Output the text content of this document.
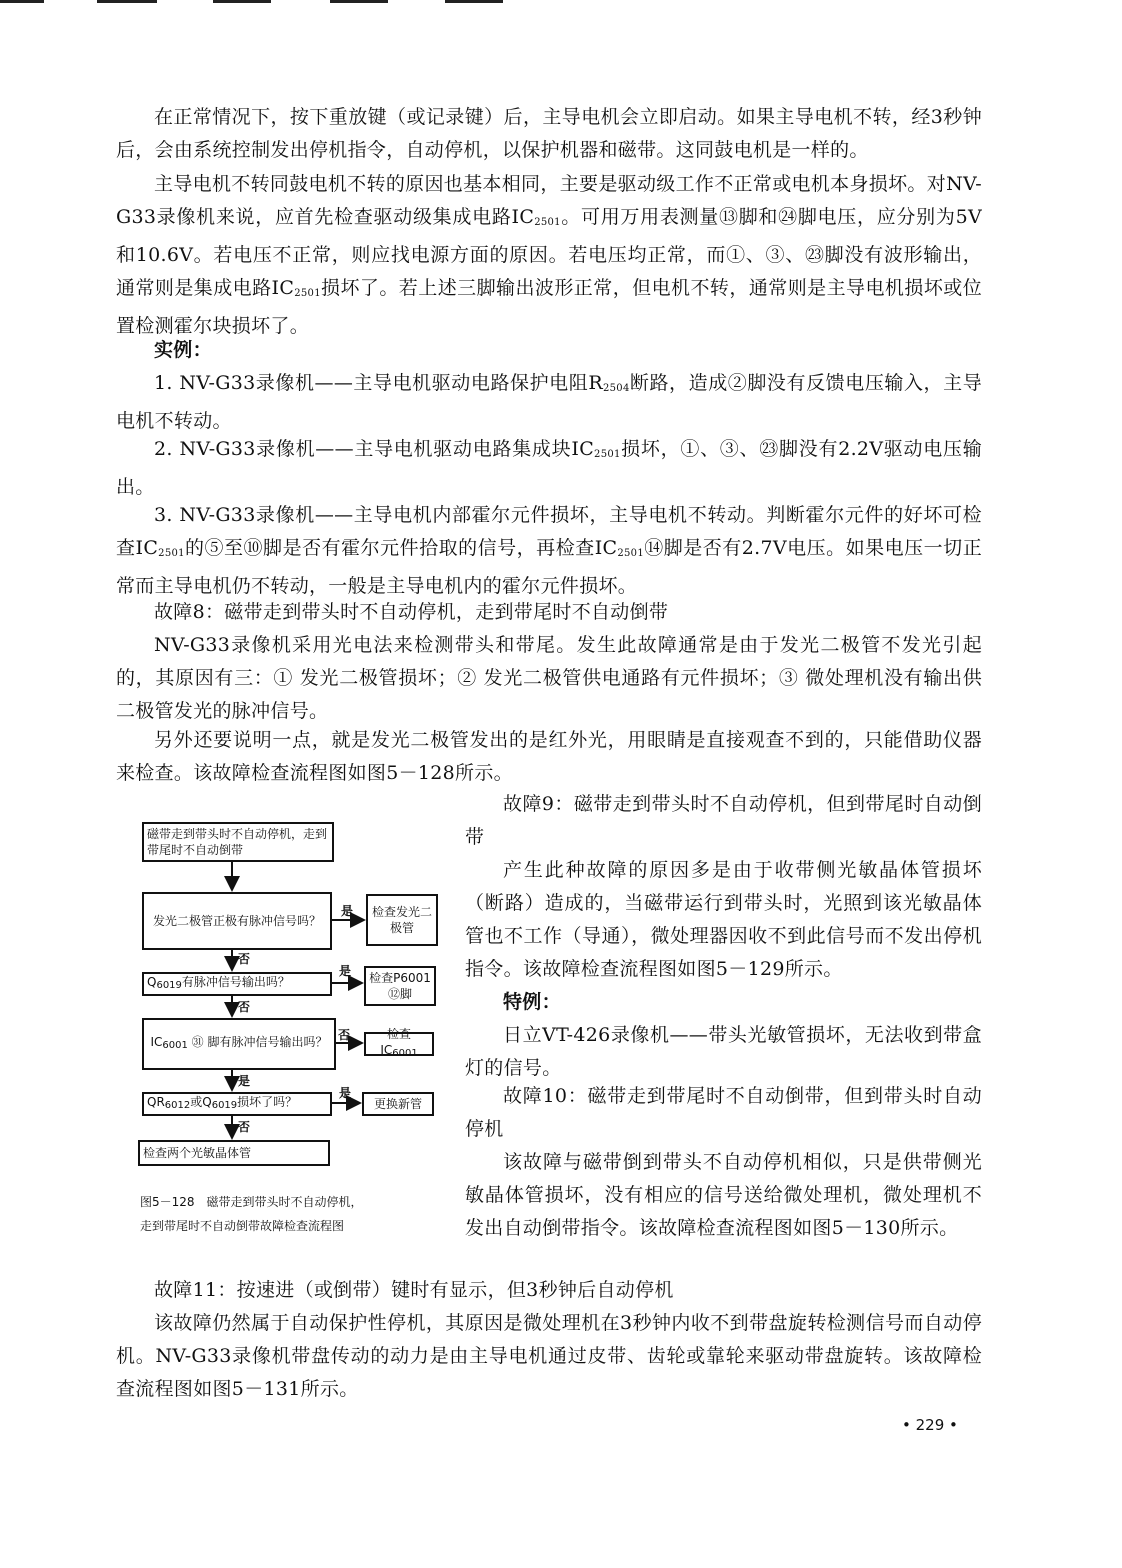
在正常情况下，按下重放键（或记录键）后，主导电机会立即启动。如果主导电机不转，经3秒钟后，会由系统控制发出停机指令，自动停机，以保护机器和磁带。这同鼓电机是一样的。

主导电机不转同鼓电机不转的原因也基本相同，主要是驱动级工作不正常或电机本身损坏。对NV-G33录像机来说，应首先检查驱动级集成电路$IC_{2501}$。可用万用表测量⑬脚和㉔脚电压，应分别为5V和10.6V。若电压不正常，则应找电源方面的原因。若电压均正常，而①、③、㉓脚没有波形输出，通常则是集成电路$IC_{2501}$损坏了。若上述三脚输出波形正常，但电机不转，通常则是主导电机损坏或位置检测霍尔块损坏了。

实例：

1. NV-G33录像机——主导电机驱动电路保护电阻$R_{2504}$断路，造成②脚没有反馈电压输入，主导电机不转动。

2. NV-G33录像机——主导电机驱动电路集成块$IC_{2501}$损坏，①、③、㉓脚没有2.2V驱动电压输出。

3. NV-G33录像机——主导电机内部霍尔元件损坏，主导电机不转动。判断霍尔元件的好坏可检查$IC_{2501}$的⑤至⑩脚是否有霍尔元件拾取的信号，再检查$IC_{2501}⑭$脚是否有2.7V电压。如果电压一切正常而主导电机仍不转动，一般是主导电机内的霍尔元件损坏。

故障8：磁带走到带头时不自动停机，走到带尾时不自动倒带

NV-G33录像机采用光电法来检测带头和带尾。发生此故障通常是由于发光二极管不发光引起的，其原因有三：① 发光二极管损坏；② 发光二极管供电通路有元件损坏；③ 微处理机没有输出供二极管发光的脉冲信号。

另外还要说明一点，就是发光二极管发出的是红外光，用眼睛是直接观查不到的，只能借助仪器来检查。该故障检查流程图如图5－128所示。

磁带走到带头时不自动停机，走到带尾时不自动倒带
发光二极管正极有脉冲信号吗？
是 检查发光二极管
否
$Q_{6019}$有脉冲信号输出吗？
是 检查P6001 ⑫脚
否
$IC_{6001}$ ㉛ 脚有脉冲信号输出吗？ 否	检查$IC_{6001}$
是
$QR_{6012}$或$Q_{6019}$损坏了吗？
是
更换新管
否
检查两个光敏晶体管

图5－128　磁带走到带头时不自动停机，
走到带尾时不自动倒带故障检查流程图

故障9：磁带走到带头时不自动停机，但到带尾时自动倒带

产生此种故障的原因多是由于收带侧光敏晶体管损坏（断路）造成的，当磁带运行到带头时，光照到该光敏晶体管也不工作（导通），微处理器因收不到此信号而不发出停机指令。该故障检查流程图如图5－129所示。

特例：

日立VT-426录像机——带头光敏管损坏，无法收到带盒灯的信号。

故障10：磁带走到带尾时不自动倒带，但到带头时自动停机

该故障与磁带倒到带头不自动停机相似，只是供带侧光敏晶体管损坏，没有相应的信号送给微处理机，微处理机不发出自动倒带指令。该故障检查流程图如图5－130所示。

故障11：按速进（或倒带）键时有显示，但3秒钟后自动停机

该故障仍然属于自动保护性停机，其原因是微处理机在3秒钟内收不到带盘旋转检测信号而自动停机。NV-G33录像机带盘传动的动力是由主导电机通过皮带、齿轮或靠轮来驱动带盘旋转。该故障检查流程图如图5－131所示。

• 229 •
